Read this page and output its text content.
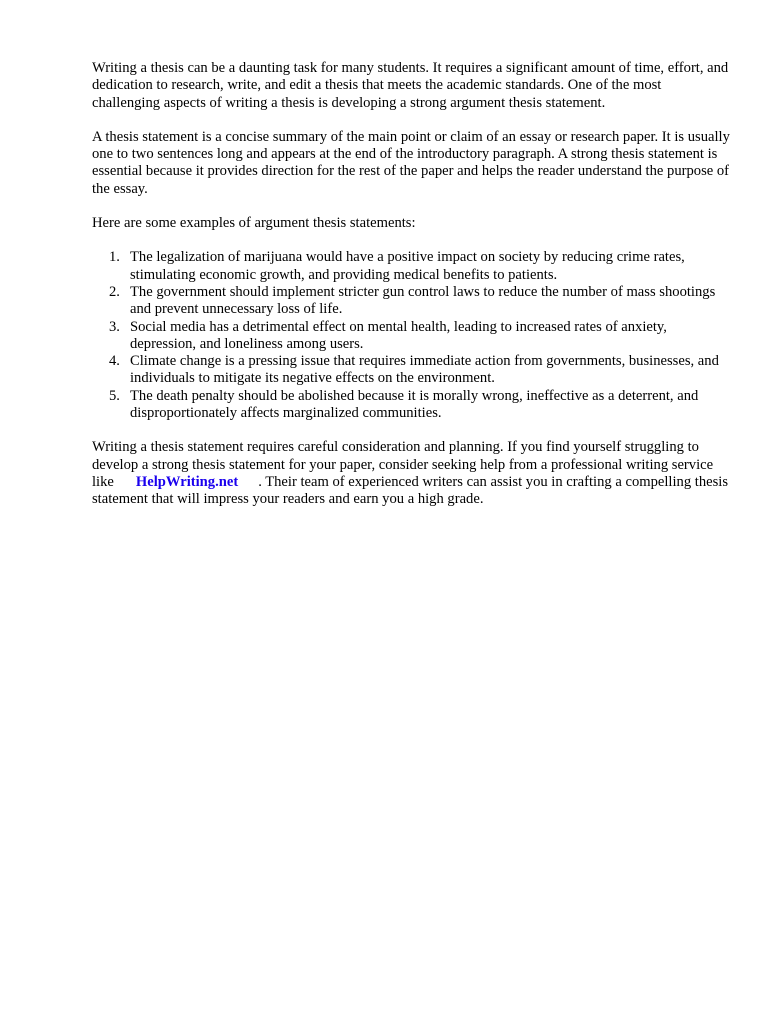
Writing a thesis can be a daunting task for many students. It requires a significant amount of time, effort, and dedication to research, write, and edit a thesis that meets the academic standards. One of the most challenging aspects of writing a thesis is developing a strong argument thesis statement.

A thesis statement is a concise summary of the main point or claim of an essay or research paper. It is usually one to two sentences long and appears at the end of the introductory paragraph. A strong thesis statement is essential because it provides direction for the rest of the paper and helps the reader understand the purpose of the essay.

Here are some examples of argument thesis statements:

1. The legalization of marijuana would have a positive impact on society by reducing crime rates, stimulating economic growth, and providing medical benefits to patients.
2. The government should implement stricter gun control laws to reduce the number of mass shootings and prevent unnecessary loss of life.
3. Social media has a detrimental effect on mental health, leading to increased rates of anxiety, depression, and loneliness among users.
4. Climate change is a pressing issue that requires immediate action from governments, businesses, and individuals to mitigate its negative effects on the environment.
5. The death penalty should be abolished because it is morally wrong, ineffective as a deterrent, and disproportionately affects marginalized communities.

Writing a thesis statement requires careful consideration and planning. If you find yourself struggling to develop a strong thesis statement for your paper, consider seeking help from a professional writing service like HelpWriting.net . Their team of experienced writers can assist you in crafting a compelling thesis statement that will impress your readers and earn you a high grade.
